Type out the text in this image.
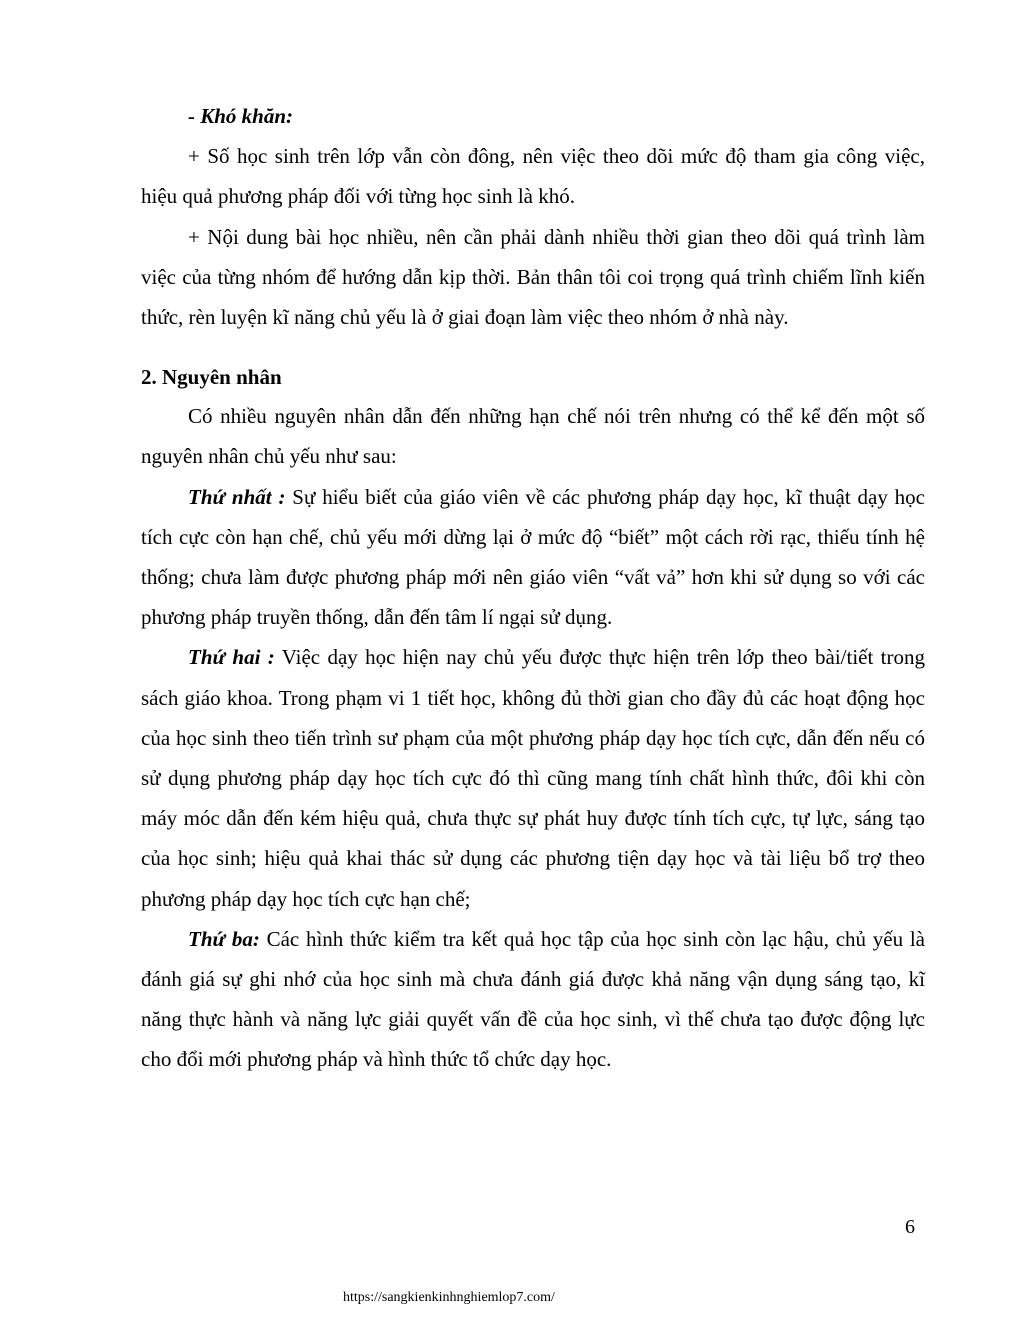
- Khó khăn:

+ Số học sinh trên lớp vẫn còn đông, nên việc theo dõi mức độ tham gia công việc, hiệu quả phương pháp đối với từng học sinh là khó.

+ Nội dung bài học nhiều, nên cần phải dành nhiều thời gian theo dõi quá trình làm việc của từng nhóm để hướng dẫn kịp thời. Bản thân tôi coi trọng quá trình chiếm lĩnh kiến thức, rèn luyện kĩ năng chủ yếu là ở giai đoạn làm việc theo nhóm ở nhà này.

2. Nguyên nhân

Có nhiều nguyên nhân dẫn đến những hạn chế nói trên nhưng có thể kể đến một số nguyên nhân chủ yếu như sau:

Thứ nhất : Sự hiểu biết của giáo viên về các phương pháp dạy học, kĩ thuật dạy học tích cực còn hạn chế, chủ yếu mới dừng lại ở mức độ “biết” một cách rời rạc, thiếu tính hệ thống; chưa làm được phương pháp mới nên giáo viên “vất vả” hơn khi sử dụng so với các phương pháp truyền thống, dẫn đến tâm lí ngại sử dụng.

Thứ hai : Việc dạy học hiện nay chủ yếu được thực hiện trên lớp theo bài/tiết trong sách giáo khoa. Trong phạm vi 1 tiết học, không đủ thời gian cho đầy đủ các hoạt động học của học sinh theo tiến trình sư phạm của một phương pháp dạy học tích cực, dẫn đến nếu có sử dụng phương pháp dạy học tích cực đó thì cũng mang tính chất hình thức, đôi khi còn máy móc dẫn đến kém hiệu quả, chưa thực sự phát huy được tính tích cực, tự lực, sáng tạo của học sinh; hiệu quả khai thác sử dụng các phương tiện dạy học và tài liệu bổ trợ theo phương pháp dạy học tích cực hạn chế;

Thứ ba: Các hình thức kiểm tra kết quả học tập của học sinh còn lạc hậu, chủ yếu là đánh giá sự ghi nhớ của học sinh mà chưa đánh giá được khả năng vận dụng sáng tạo, kĩ năng thực hành và năng lực giải quyết vấn đề của học sinh, vì thế chưa tạo được động lực cho đổi mới phương pháp và hình thức tổ chức dạy học.

6
https://sangkienkinhnghiemlop7.com/
